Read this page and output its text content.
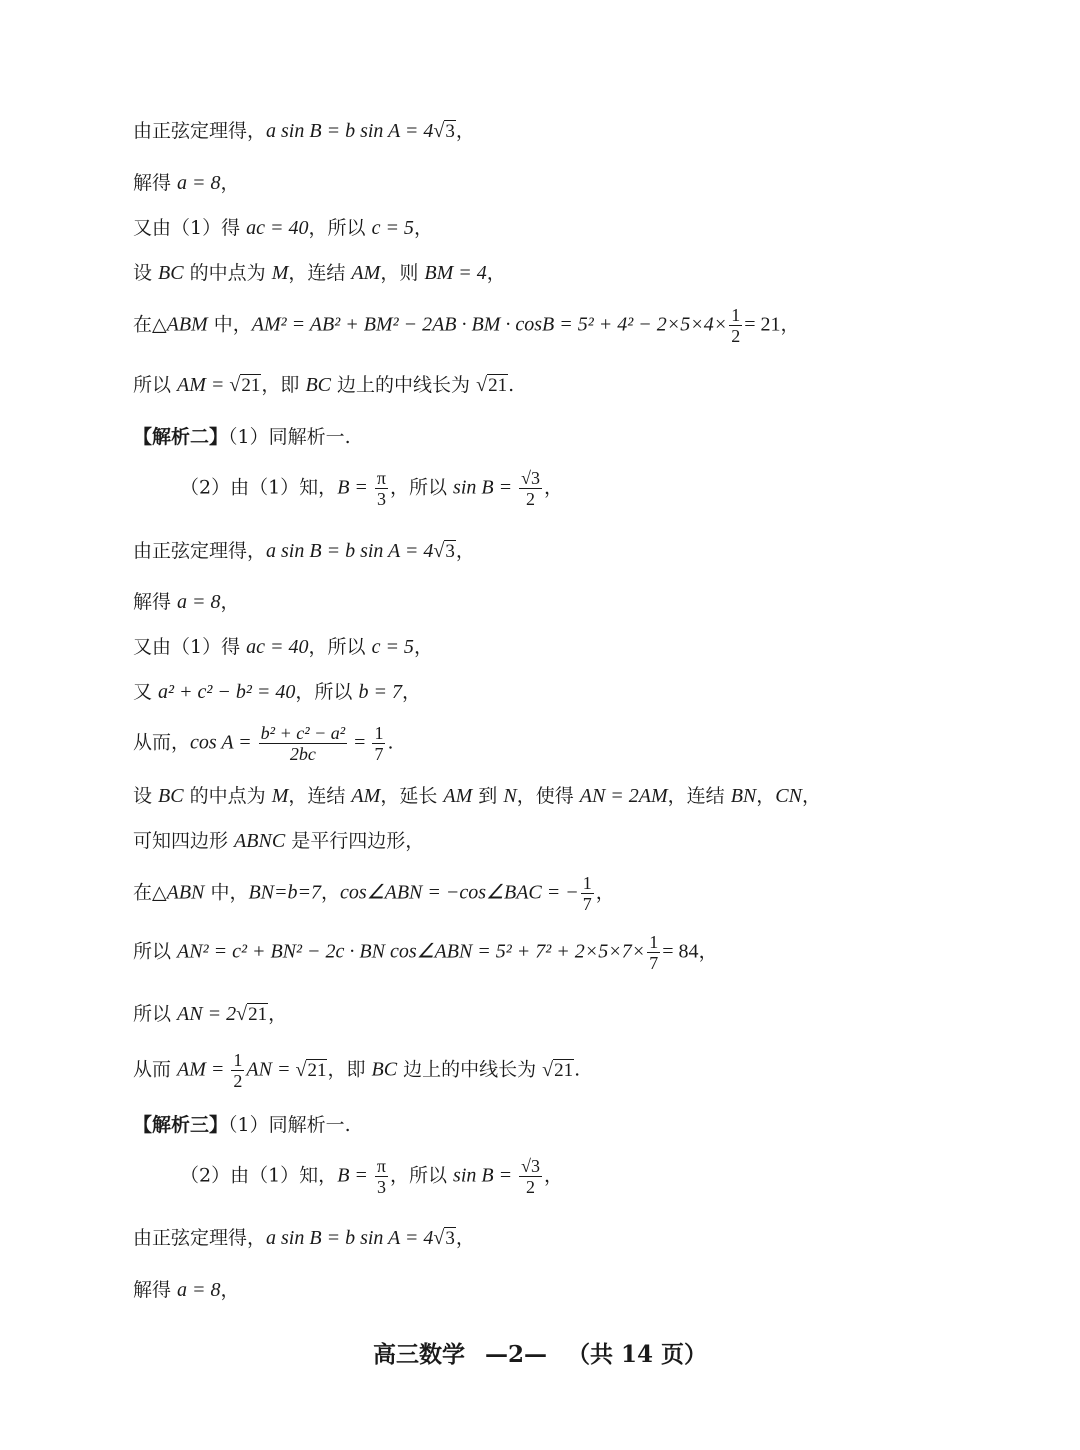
由正弦定理得，a sin B = b sin A = 4√3，
解得 a = 8，
又由（1）得 ac = 40，所以 c = 5，
设 BC 的中点为 M，连结 AM，则 BM = 4，
在△ABM 中，AM² = AB² + BM² − 2AB · BM · $\cos B = 5^2 + 4^2 - 2\times 5\times 4\times \frac{1}{2} = 21$，
所以 AM = √21，即 BC 边上的中线长为 √21.
【解析二】（1）同解析一.
（2）由（1）知，$B = \frac{\pi}{3}$ ，所以 $\sin B = \frac{√3}{2}$ ，
由正弦定理得，a sin B = b sin A = 4√3，
解得 a = 8，
又由（1）得 ac = 40，所以 c = 5，
又 a² + c² − b² = 40，所以 b = 7，
从而，$\cos A = \frac{\text{b² + c² − a²}}{2bc} = \frac{1}{7}$ .
设 BC 的中点为 M，连结 AM，延长 AM 到 N，使得 AN = 2AM，连结 BN，CN，
可知四边形 ABNC 是平行四边形，
在△ABN 中，BN=b=7，cos∠ABN = −cos∠BAC = − $\frac{1}{7}$ ，
所以 AN² = c² + BN² − 2c · BN cos∠ABN = $5^2 + 7^2 + 2\times 5\times 7\times \frac{1}{7} = 84$，
所以 AN = 2√21，
从而 AM = $\frac{1}{2}$ AN = √21，即 BC 边上的中线长为 √21.
【解析三】（1）同解析一.
（2）由（1）知，$B = \frac{\pi}{3}$ ，所以 $\sin B = \frac{√3}{2}$ ，
由正弦定理得，a sin B = b sin A = 4√3，
解得 a = 8，
高三数学 —2— （共 14 页）
